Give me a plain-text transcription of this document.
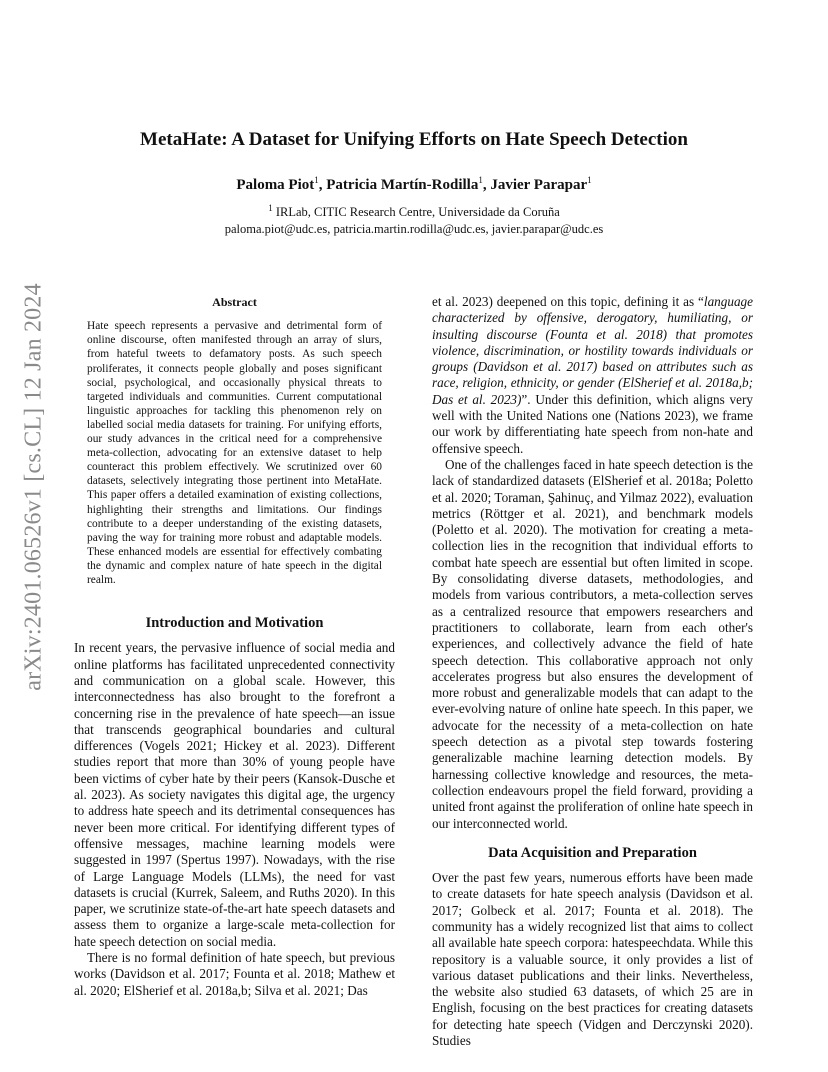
arXiv:2401.06526v1 [cs.CL] 12 Jan 2024
MetaHate: A Dataset for Unifying Efforts on Hate Speech Detection
Paloma Piot$^1$, Patricia Martín-Rodilla$^1$, Javier Parapar$^1$
$^1$ IRLab, CITIC Research Centre, Universidade da Coruña
paloma.piot@udc.es, patricia.martin.rodilla@udc.es, javier.parapar@udc.es
Abstract

Hate speech represents a pervasive and detrimental form of online discourse, often manifested through an array of slurs, from hateful tweets to defamatory posts. As such speech proliferates, it connects people globally and poses significant social, psychological, and occasionally physical threats to targeted individuals and communities. Current computational linguistic approaches for tackling this phenomenon rely on labelled social media datasets for training. For unifying efforts, our study advances in the critical need for a comprehensive meta-collection, advocating for an extensive dataset to help counteract this problem effectively. We scrutinized over 60 datasets, selectively integrating those pertinent into MetaHate. This paper offers a detailed examination of existing collections, highlighting their strengths and limitations. Our findings contribute to a deeper understanding of the existing datasets, paving the way for training more robust and adaptable models. These enhanced models are essential for effectively combating the dynamic and complex nature of hate speech in the digital realm.

Introduction and Motivation

In recent years, the pervasive influence of social media and online platforms has facilitated unprecedented connectivity and communication on a global scale. However, this interconnectedness has also brought to the forefront a concerning rise in the prevalence of hate speech—an issue that transcends geographical boundaries and cultural differences (Vogels 2021; Hickey et al. 2023). Different studies report that more than 30% of young people have been victims of cyber hate by their peers (Kansok-Dusche et al. 2023). As society navigates this digital age, the urgency to address hate speech and its detrimental consequences has never been more critical. For identifying different types of offensive messages, machine learning models were suggested in 1997 (Spertus 1997). Nowadays, with the rise of Large Language Models (LLMs), the need for vast datasets is crucial (Kurrek, Saleem, and Ruths 2020). In this paper, we scrutinize state-of-the-art hate speech datasets and assess them to organize a large-scale meta-collection for hate speech detection on social media.

There is no formal definition of hate speech, but previous works (Davidson et al. 2017; Founta et al. 2018; Mathew et al. 2020; ElSherief et al. 2018a,b; Silva et al. 2021; Das

et al. 2023) deepened on this topic, defining it as “language characterized by offensive, derogatory, humiliating, or insulting discourse (Founta et al. 2018) that promotes violence, discrimination, or hostility towards individuals or groups (Davidson et al. 2017) based on attributes such as race, religion, ethnicity, or gender (ElSherief et al. 2018a,b; Das et al. 2023)”. Under this definition, which aligns very well with the United Nations one (Nations 2023), we frame our work by differentiating hate speech from non-hate and offensive speech.

One of the challenges faced in hate speech detection is the lack of standardized datasets (ElSherief et al. 2018a; Poletto et al. 2020; Toraman, Şahinuç, and Yilmaz 2022), evaluation metrics (Röttger et al. 2021), and benchmark models (Poletto et al. 2020). The motivation for creating a meta-collection lies in the recognition that individual efforts to combat hate speech are essential but often limited in scope. By consolidating diverse datasets, methodologies, and models from various contributors, a meta-collection serves as a centralized resource that empowers researchers and practitioners to collaborate, learn from each other's experiences, and collectively advance the field of hate speech detection. This collaborative approach not only accelerates progress but also ensures the development of more robust and generalizable models that can adapt to the ever-evolving nature of online hate speech. In this paper, we advocate for the necessity of a meta-collection on hate speech detection as a pivotal step towards fostering generalizable machine learning detection models. By harnessing collective knowledge and resources, the meta-collection endeavours propel the field forward, providing a united front against the proliferation of online hate speech in our interconnected world.

Data Acquisition and Preparation

Over the past few years, numerous efforts have been made to create datasets for hate speech analysis (Davidson et al. 2017; Golbeck et al. 2017; Founta et al. 2018). The community has a widely recognized list that aims to collect all available hate speech corpora: hatespeechdata. While this repository is a valuable source, it only provides a list of various dataset publications and their links. Nevertheless, the website also studied 63 datasets, of which 25 are in English, focusing on the best practices for creating datasets for detecting hate speech (Vidgen and Derczynski 2020). Studies
